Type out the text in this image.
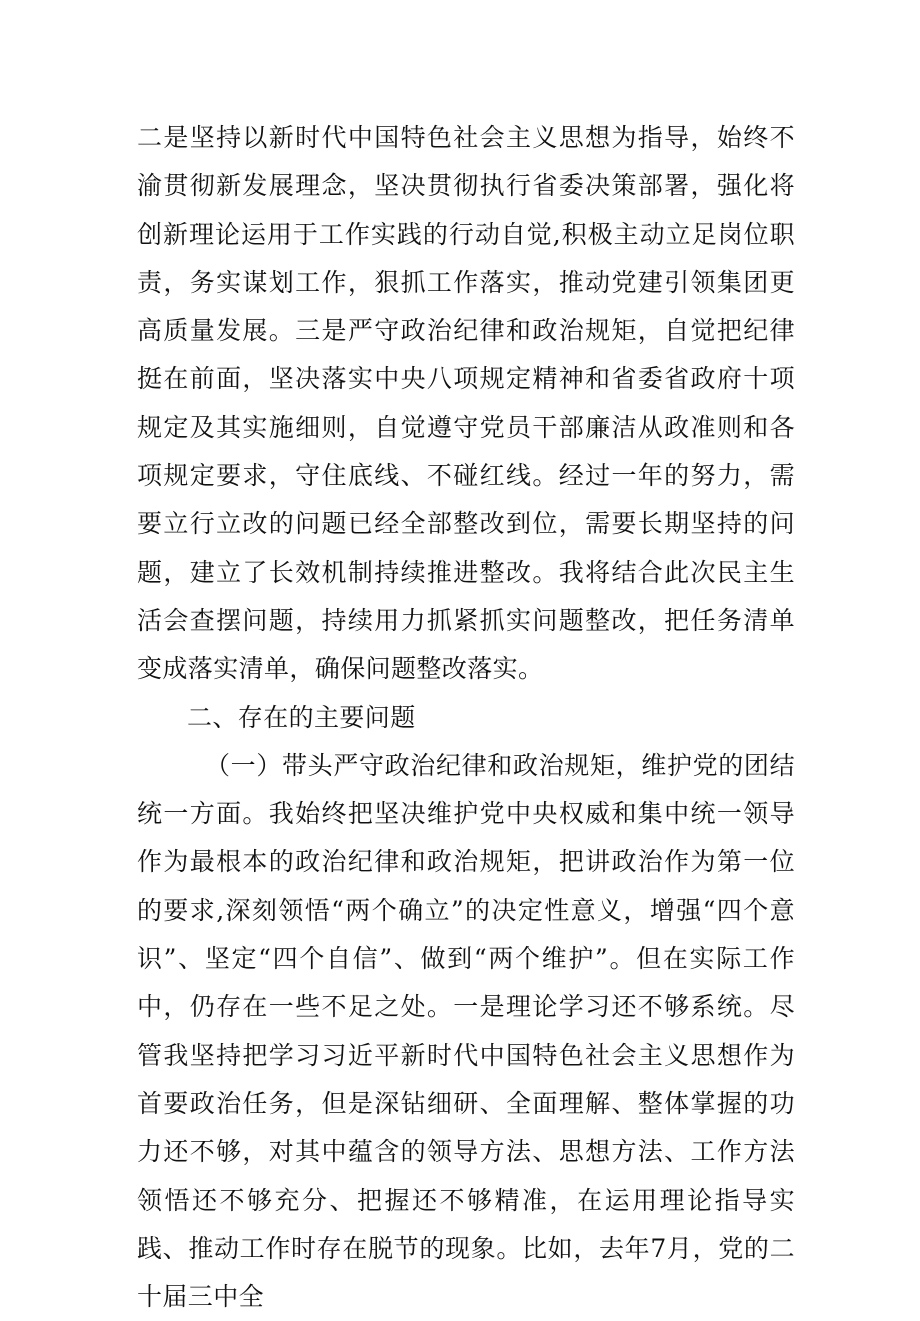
二是坚持以新时代中国特色社会主义思想为指导，始终不渝贯彻新发展理念，坚决贯彻执行省委决策部署，强化将创新理论运用于工作实践的行动自觉,积极主动立足岗位职责，务实谋划工作，狠抓工作落实，推动党建引领集团更高质量发展。三是严守政治纪律和政治规矩，自觉把纪律挺在前面，坚决落实中央八项规定精神和省委省政府十项规定及其实施细则，自觉遵守党员干部廉洁从政准则和各项规定要求，守住底线、不碰红线。经过一年的努力，需要立行立改的问题已经全部整改到位，需要长期坚持的问题，建立了长效机制持续推进整改。我将结合此次民主生活会查摆问题，持续用力抓紧抓实问题整改，把任务清单变成落实清单，确保问题整改落实。

二、存在的主要问题

（一）带头严守政治纪律和政治规矩，维护党的团结统一方面。我始终把坚决维护党中央权威和集中统一领导作为最根本的政治纪律和政治规矩，把讲政治作为第一位的要求,深刻领悟“两个确立”的决定性意义，增强“四个意识”、坚定“四个自信”、做到“两个维护”。但在实际工作中，仍存在一些不足之处。一是理论学习还不够系统。尽管我坚持把学习习近平新时代中国特色社会主义思想作为首要政治任务，但是深钻细研、全面理解、整体掌握的功力还不够，对其中蕴含的领导方法、思想方法、工作方法领悟还不够充分、把握还不够精准，在运用理论指导实践、推动工作时存在脱节的现象。比如，去年7月，党的二十届三中全
